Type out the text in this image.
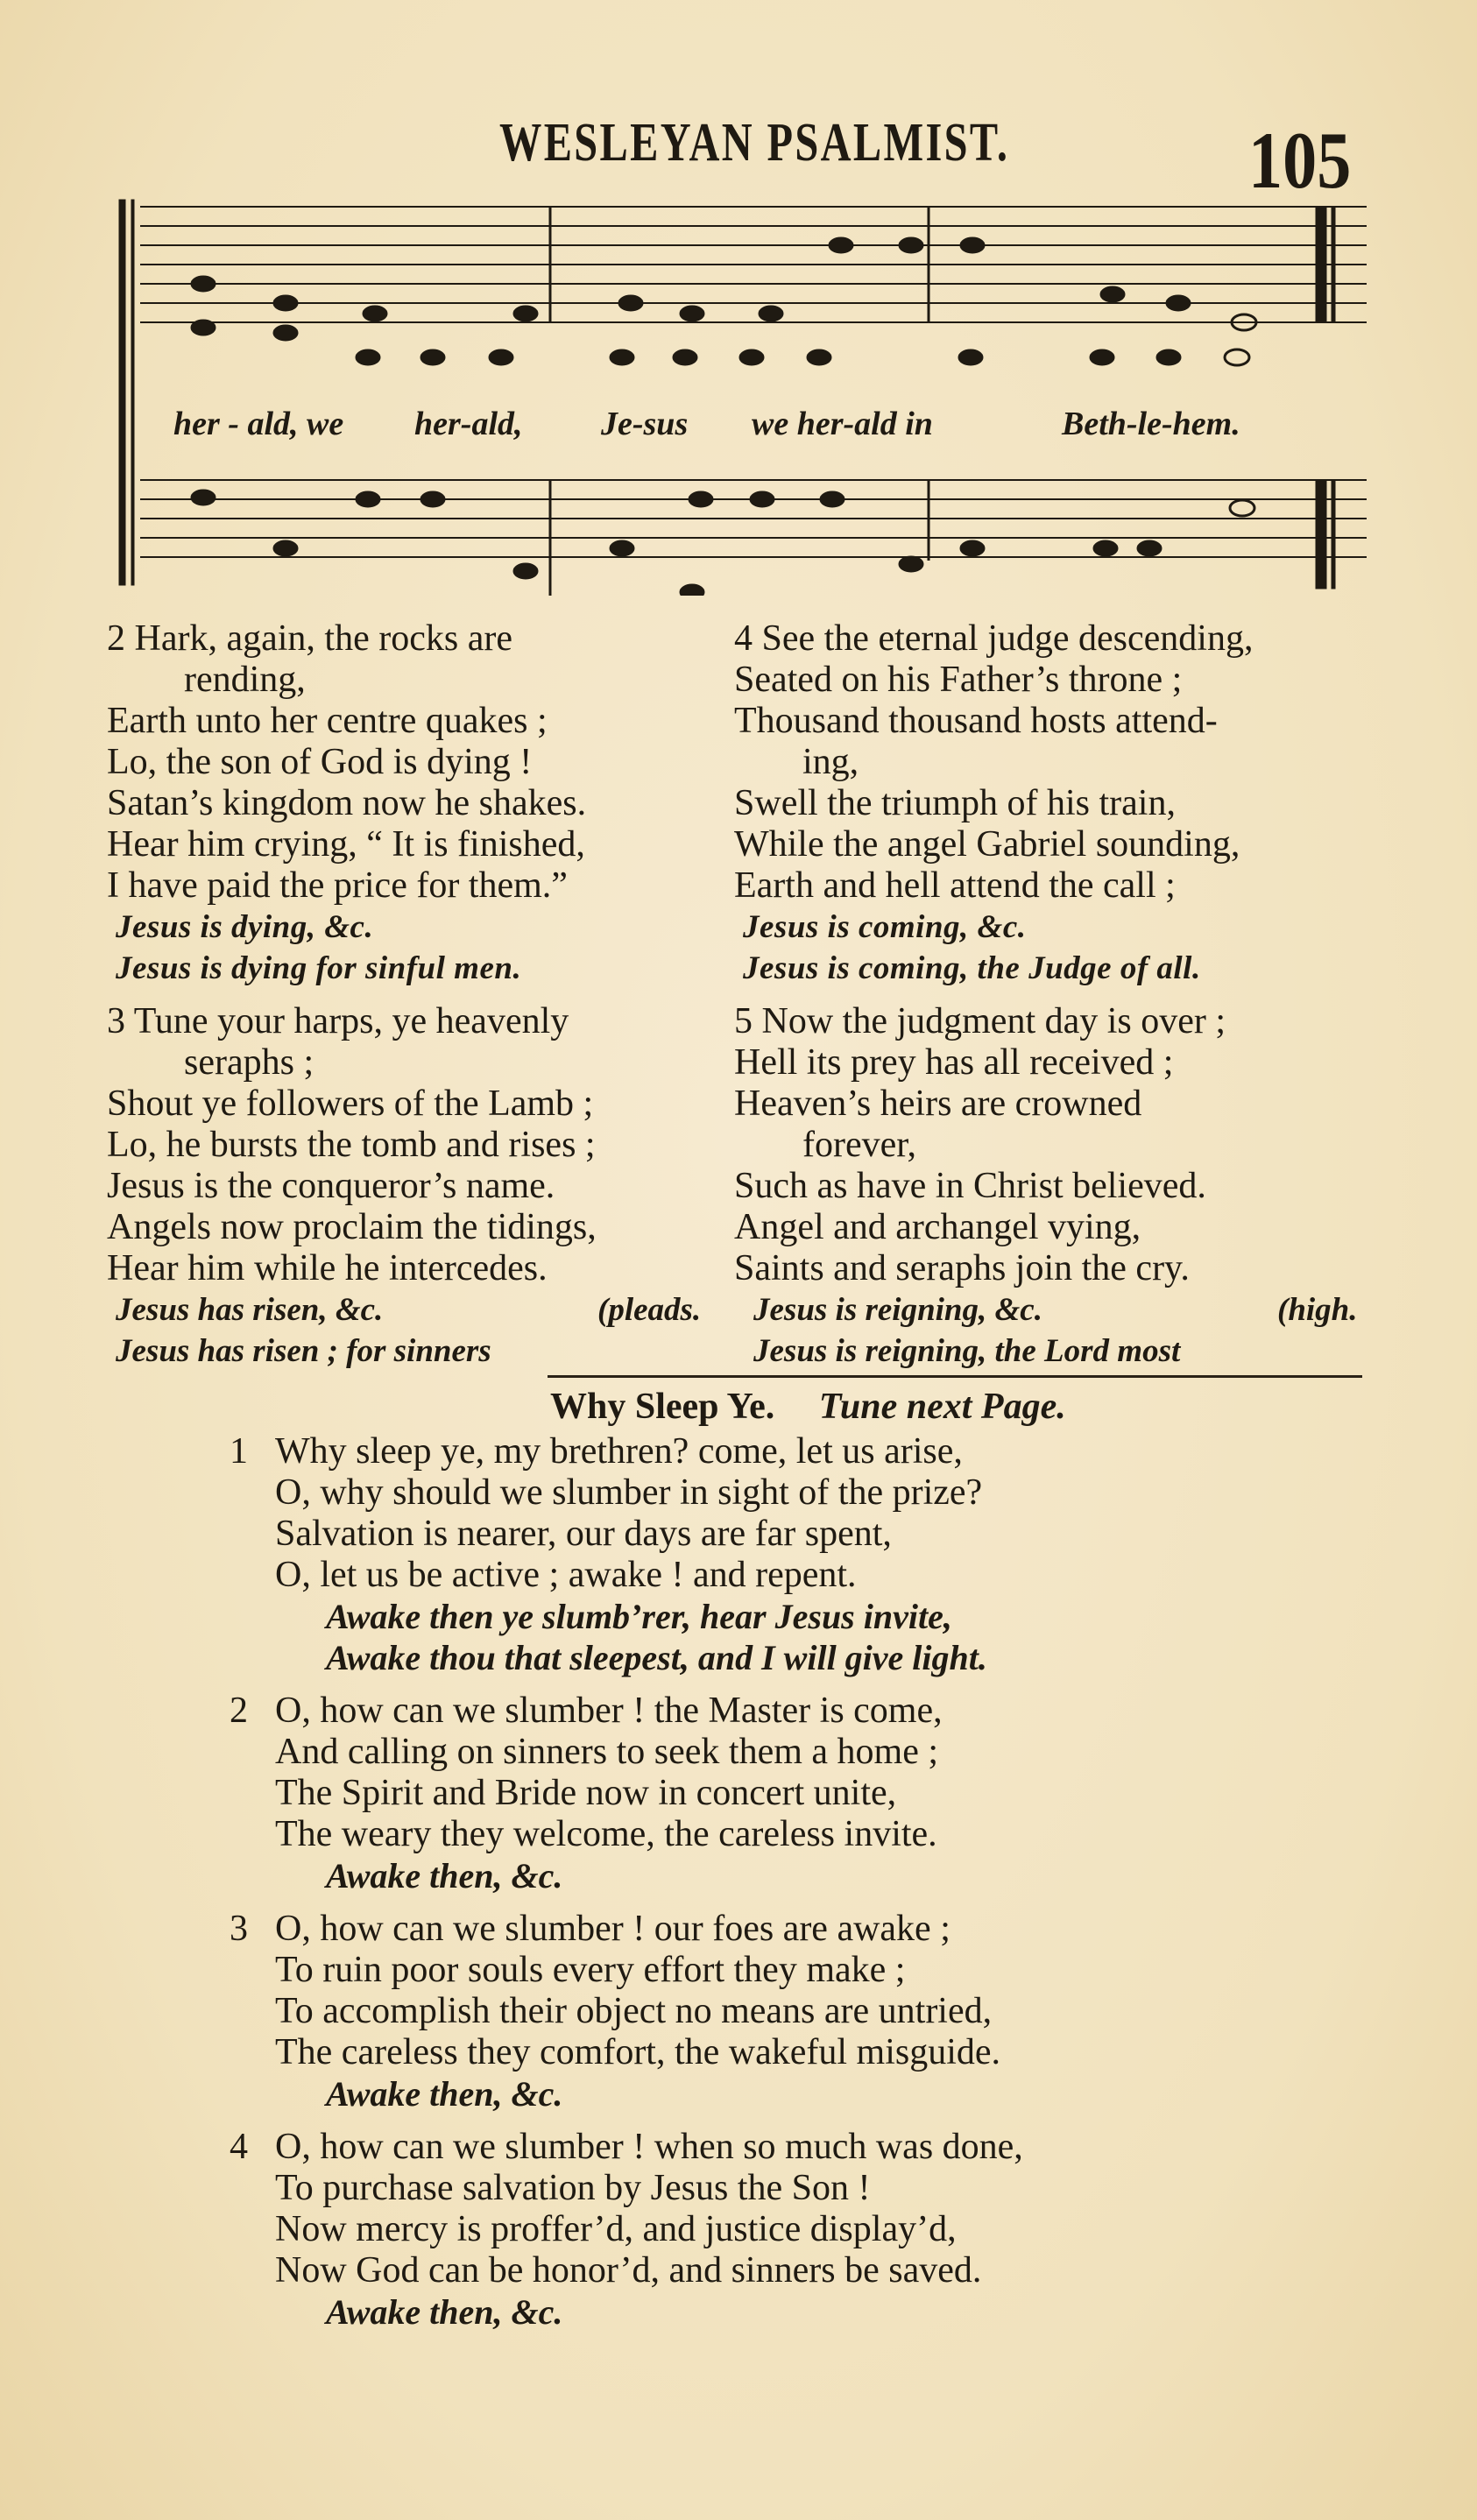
WESLEYAN PSALMIST.	105
her - ald, we her-ald, Je-sus we her-ald in	Beth-le-hem.

2 Hark, again, the rocks are

rending,

Earth unto her centre quakes ;

Lo, the son of God is dying !

Satan’s kingdom now he shakes.

Hear him crying, “ It is finished,

I have paid the price for them.”

Jesus is dying, &c.

Jesus is dying for sinful men.

3 Tune your harps, ye heavenly

seraphs ;

Shout ye followers of the Lamb ;

Lo, he bursts the tomb and rises ;

Jesus is the conqueror’s name.

Angels now proclaim the tidings,

Hear him while he intercedes.

Jesus has risen, &c.	(pleads.
Jesus has risen ; for sinners

4 See the eternal judge descending,

Seated on his Father’s throne ;

Thousand thousand hosts attend-

ing,

Swell the triumph of his train,

While the angel Gabriel sounding,

Earth and hell attend the call ;

Jesus is coming, &c.

Jesus is coming, the Judge of all.

5 Now the judgment day is over ;

Hell its prey has all received ;

Heaven’s heirs are crowned

forever,

Such as have in Christ believed.

Angel and archangel vying,

Saints and seraphs join the cry.

Jesus is reigning, &c.	(high.
Jesus is reigning, the Lord most
Why Sleep Ye. Tune next Page.
1 Why sleep ye, my brethren? come, let us arise,

O, why should we slumber in sight of the prize?

Salvation is nearer, our days are far spent,

O, let us be active ; awake ! and repent.

Awake then ye slumb’rer, hear Jesus invite,

Awake thou that sleepest, and I will give light.

2 O, how can we slumber ! the Master is come,

And calling on sinners to seek them a home ;

The Spirit and Bride now in concert unite,

The weary they welcome, the careless invite.

Awake then, &c.

3 O, how can we slumber ! our foes are awake ;

To ruin poor souls every effort they make ;

To accomplish their object no means are untried,

The careless they comfort, the wakeful misguide.

Awake then, &c.

4 O, how can we slumber ! when so much was done,

To purchase salvation by Jesus the Son !

Now mercy is proffer’d, and justice display’d,

Now God can be honor’d, and sinners be saved.

Awake then, &c.
